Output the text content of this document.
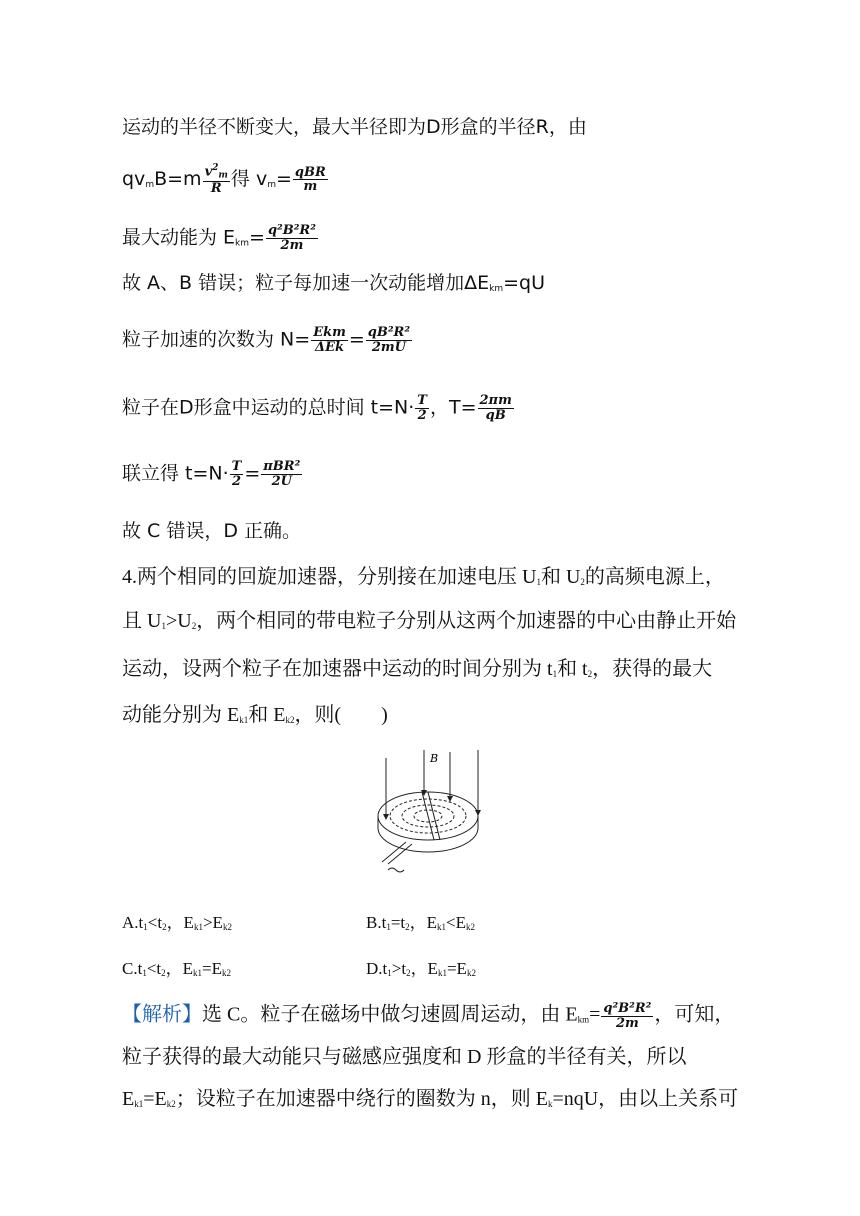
运动的半径不断变大，最大半径即为D形盒的半径R，由
$qv_mB=m \frac{v^2_m}{R}$ 得 $v_m= \frac{\text{qBR}}{m}$
最大动能为 $E_{km}= \frac{\text{q²B²R²}}{2m}$
故 A、B 错误；粒子每加速一次动能增加$\Delta E_{km}=qU$
粒子加速的次数为 $N= \frac{\text{Ekm}}{\text{ΔEk}} = \frac{\text{qB²R²}}{2mU}$
粒子在D形盒中运动的总时间 $t=N\cdot \frac{T}{2}$ ，$T= \frac{2\pi m}{qB}$
联立得 $t=N\cdot \frac{T}{2} = \frac{\text{πBR²}}{2U}$
故 C 错误，D 正确。
4.两个相同的回旋加速器，分别接在加速电压 $U_1$和 $U_2$的高频电源上，
且 $U_1>U_2$，两个相同的带电粒子分别从这两个加速器的中心由静止开始
运动，设两个粒子在加速器中运动的时间分别为 $t_1$和 $t_2$，获得的最大
动能分别为 $E_{k1}$和 $E_{k2}$，则(　　)
B
$A.t_1<t_2$，$E_{k1}>E_{k2}$	$B.t_1=t_2$，$E_{k1}<E_{k2}$
$C.t_1<t_2$，$E_{k1}=E_{k2}$	$D.t_1>t_2$，$E_{k1}=E_{k2}$
【解析】选 C。粒子在磁场中做匀速圆周运动，由 $E_{km}= \frac{\text{q²B²R²}}{2m}$ ，可知，
粒子获得的最大动能只与磁感应强度和 D 形盒的半径有关，所以
$E_{k1}=E_{k2}$；设粒子在加速器中绕行的圈数为 n，则 $E_k=nqU$，由以上关系可
